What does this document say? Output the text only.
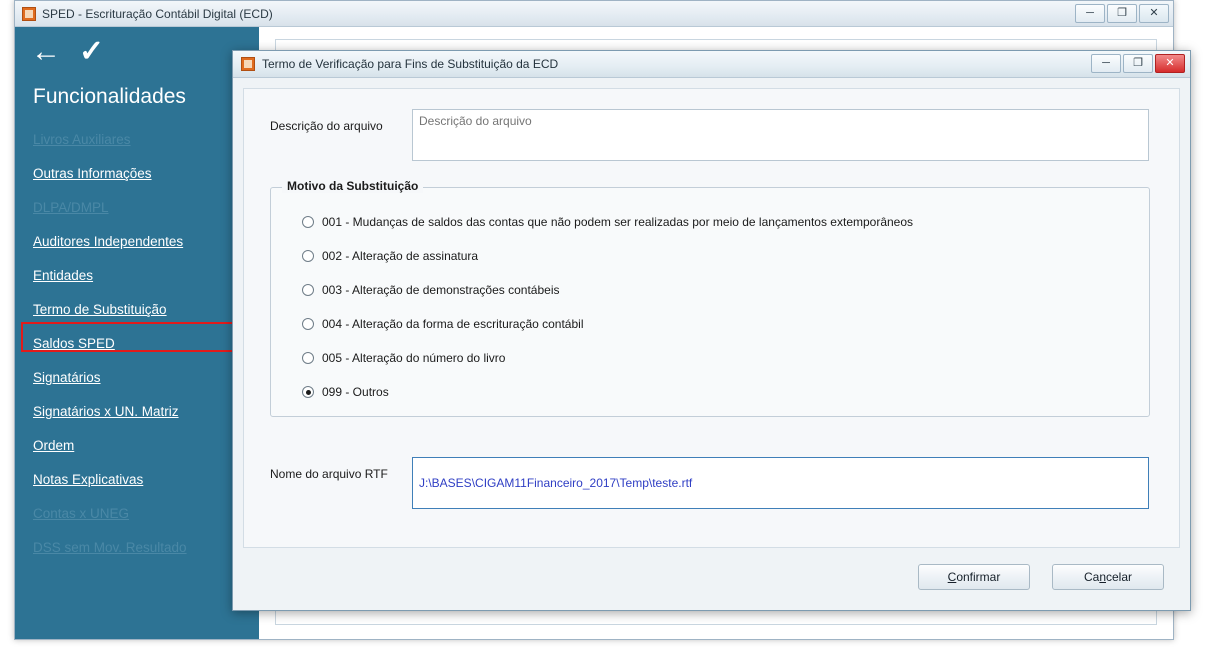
SPED - Escrituração Contábil Digital (ECD)	─	❐	✕
← ✓
Funcionalidades
Livros Auxiliares
Outras Informações
DLPA/DMPL
Auditores Independentes
Entidades
Termo de Substituição
Saldos SPED
Signatários
Signatários x UN. Matriz
Ordem
Notas Explicativas
Contas x UNEG
DSS sem Mov. Resultado
Termo de Verificação para Fins de Substituição da ECD	─	❐	✕
Descrição do arquivo
Descrição do arquivo
Motivo da Substituição
001 - Mudanças de saldos das contas que não podem ser realizadas por meio de lançamentos extemporâneos
002 - Alteração de assinatura
003 - Alteração de demonstrações contábeis
004 - Alteração da forma de escrituração contábil
005 - Alteração do número do livro
099 - Outros
Nome do arquivo RTF
J:\BASES\CIGAM11Financeiro_2017\Temp\teste.rtf
Confirmar	Cancelar
